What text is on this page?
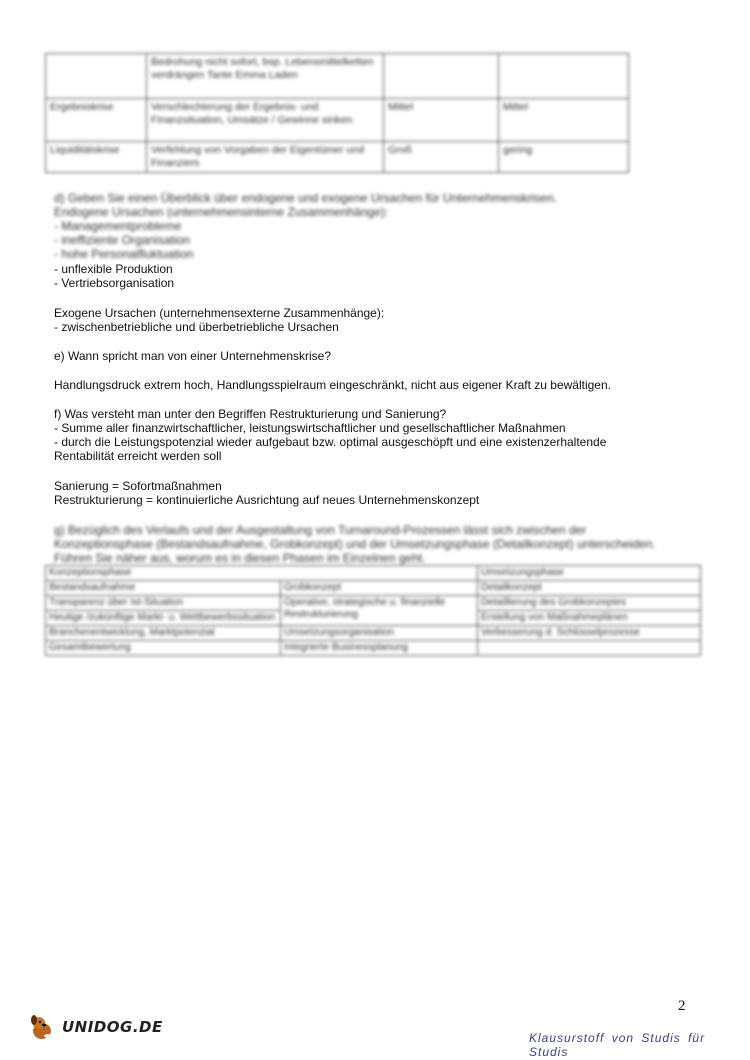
	Bedrohung nicht sofort, bsp. Lebensmittelketten verdrängen Tante Emma Laden		
Ergebniskrise	Verschlechterung der Ergebnis- und Finanzsituation, Umsätze / Gewinne sinken	Mittel	Mittel
Liquiditätskrise	Verfehlung von Vorgaben der Eigentümer und Finanziers	Groß	gering
d) Geben Sie einen Überblick über endogene und exogene Ursachen für Unternehmenskrisen.
Endogene Ursachen (unternehmensinterne Zusammenhänge):
- Managementprobleme
- ineffiziente Organisation
- hohe Personalfluktuation
- unflexible Produktion
- Vertriebsorganisation
Exogene Ursachen (unternehmensexterne Zusammenhänge):
- zwischenbetriebliche und überbetriebliche Ursachen
e) Wann spricht man von einer Unternehmenskrise?
Handlungsdruck extrem hoch, Handlungsspielraum eingeschränkt, nicht aus eigener Kraft zu bewältigen.
f) Was versteht man unter den Begriffen Restrukturierung und Sanierung?
- Summe aller finanzwirtschaftlicher, leistungswirtschaftlicher und gesellschaftlicher Maßnahmen
- durch die Leistungspotenzial wieder aufgebaut bzw. optimal ausgeschöpft und eine existenzerhaltende
Rentabilität erreicht werden soll
Sanierung = Sofortmaßnahmen
Restrukturierung = kontinuierliche Ausrichtung auf neues Unternehmenskonzept
g) Bezüglich des Verlaufs und der Ausgestaltung von Turnaround-Prozessen lässt sich zwischen der
Konzeptionsphase (Bestandsaufnahme, Grobkonzept) und der Umsetzungsphase (Detailkonzept) unterscheiden.
Führen Sie näher aus, worum es in diesen Phasen im Einzelnen geht.
Konzeptionsphase		Umsetzungsphase
Bestandsaufnahme	Grobkonzept	Detailkonzept
Transparenz über Ist-Situation	Operative, strategische u. finanzielle Restrukturierung	Detaillierung des Grobkonzeptes
Heutige /zukünftige Markt- u. Wettbewerbssituation		Erstellung von Maßnahmeplänen
Branchenentwicklung, Marktpotenzial	Umsetzungsorganisation	Verbesserung d. Schlüsselprozesse
Gesamtbewertung	Integrierte Businessplanung	
2
UNIDOG.DE
Klausurstoff von Studis für Studis
